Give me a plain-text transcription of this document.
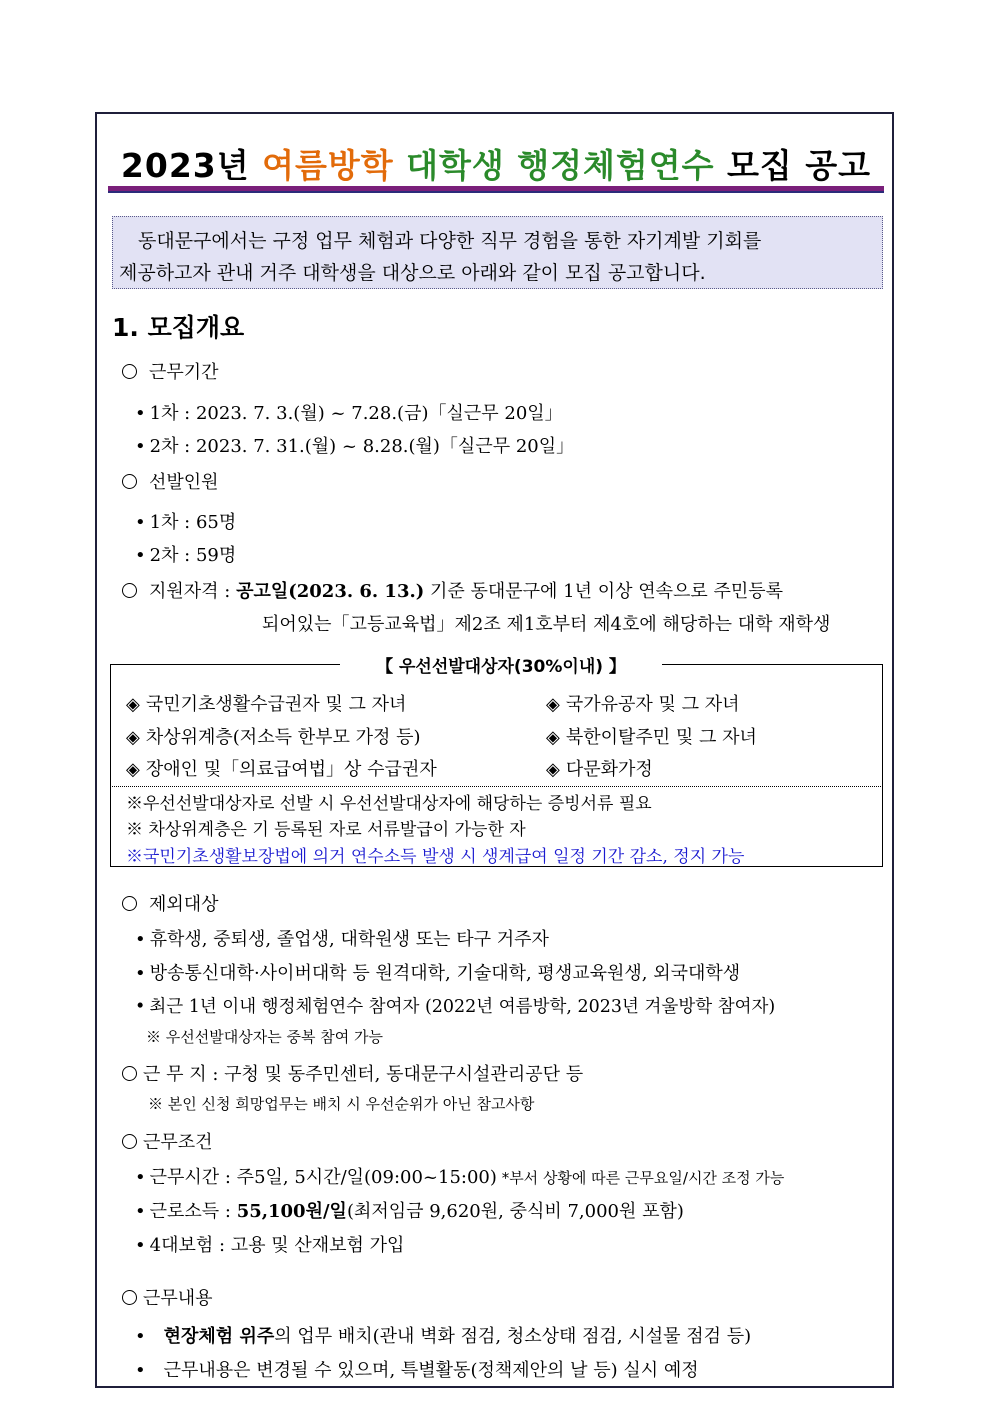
2023년 여름방학 대학생 행정체험연수 모집 공고

　동대문구에서는 구정 업무 체험과 다양한 직무 경험을 통한 자기계발 기회를

제공하고자 관내 거주 대학생을 대상으로 아래와 같이 모집 공고합니다.

1. 모집개요
근무기간
• 1차 : 2023. 7. 3.(월) ~ 7.28.(금)「실근무 20일」
• 2차 : 2023. 7. 31.(월) ~ 8.28.(월)「실근무 20일」
선발인원
• 1차 : 65명
• 2차 : 59명
지원자격 : 공고일(2023. 6. 13.) 기준 동대문구에 1년 이상 연속으로 주민등록
되어있는「고등교육법」제2조 제1호부터 제4호에 해당하는 대학 재학생
【 우선선발대상자(30%이내) 】
◈ 국민기초생활수급권자 및 그 자녀
◈ 차상위계층(저소득 한부모 가정 등)
◈ 장애인 및「의료급여법」상 수급권자
◈ 국가유공자 및 그 자녀
◈ 북한이탈주민 및 그 자녀
◈ 다문화가정
※우선선발대상자로 선발 시 우선선발대상자에 해당하는 증빙서류 필요
※ 차상위계층은 기 등록된 자로 서류발급이 가능한 자
※국민기초생활보장법에 의거 연수소득 발생 시 생계급여 일정 기간 감소, 정지 가능
제외대상
• 휴학생, 중퇴생, 졸업생, 대학원생 또는 타구 거주자
• 방송통신대학·사이버대학 등 원격대학, 기술대학, 평생교육원생, 외국대학생
• 최근 1년 이내 행정체험연수 참여자 (2022년 여름방학, 2023년 겨울방학 참여자)
※ 우선선발대상자는 중복 참여 가능
근 무 지 : 구청 및 동주민센터, 동대문구시설관리공단 등
※ 본인 신청 희망업무는 배치 시 우선순위가 아닌 참고사항
근무조건
• 근무시간 : 주5일, 5시간/일(09:00~15:00) *부서 상황에 따른 근무요일/시간 조정 가능
• 근로소득 : 55,100원/일(최저임금 9,620원, 중식비 7,000원 포함)
• 4대보험 : 고용 및 산재보험 가입
근무내용
• 현장체험 위주의 업무 배치(관내 벽화 점검, 청소상태 점검, 시설물 점검 등)
• 근무내용은 변경될 수 있으며, 특별활동(정책제안의 날 등) 실시 예정
